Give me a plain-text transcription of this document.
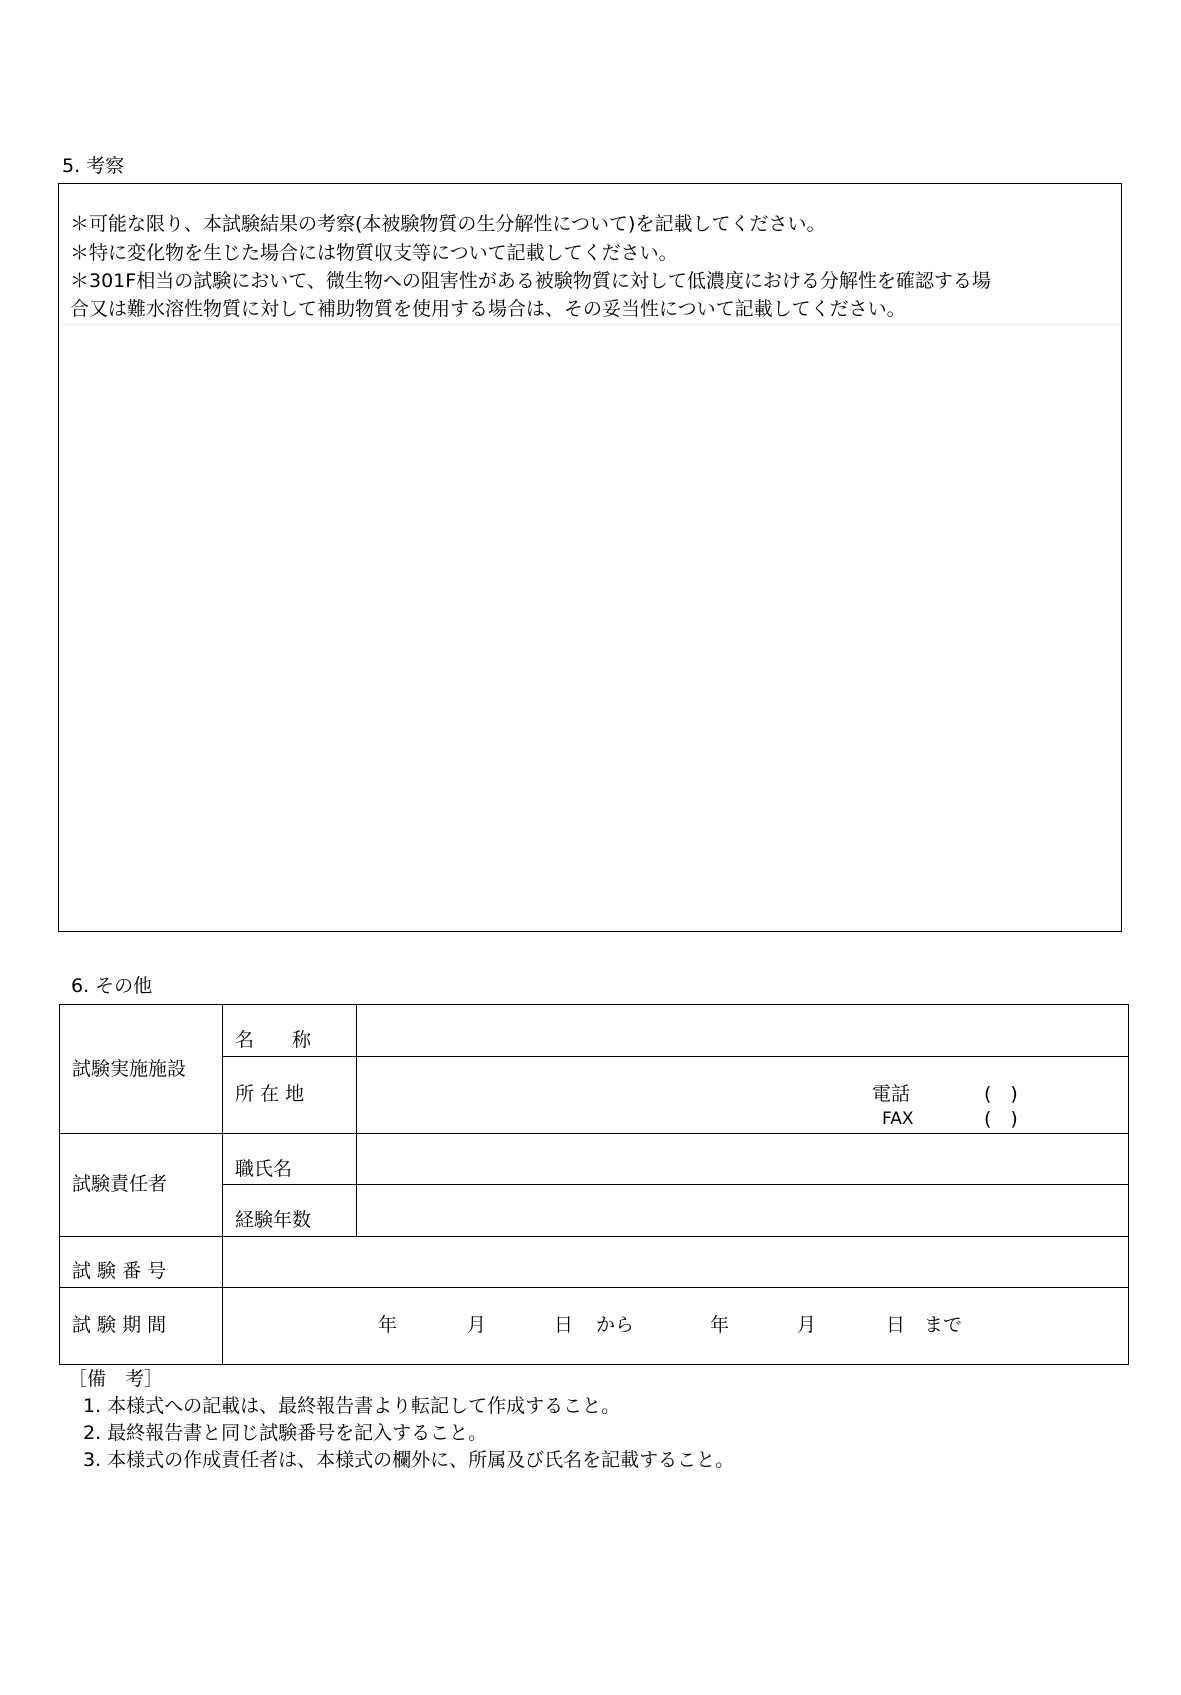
5. 考察
＊可能な限り、本試験結果の考察(本被験物質の生分解性について)を記載してください。
＊特に変化物を生じた場合には物質収支等について記載してください。
＊301F相当の試験において、微生物への阻害性がある被験物質に対して低濃度における分解性を確認する場
合又は難水溶性物質に対して補助物質を使用する場合は、その妥当性について記載してください。
6. その他
試験実施施設
名　　称
所 在 地	電話	(　)
FAX	(　)
試験責任者
職氏名
経験年数
試 験 番 号
試 験 期 間	年	月	日 から	年	月	日 まで
［備　考］
1. 本様式への記載は、最終報告書より転記して作成すること。
2. 最終報告書と同じ試験番号を記入すること。
3. 本様式の作成責任者は、本様式の欄外に、所属及び氏名を記載すること。
